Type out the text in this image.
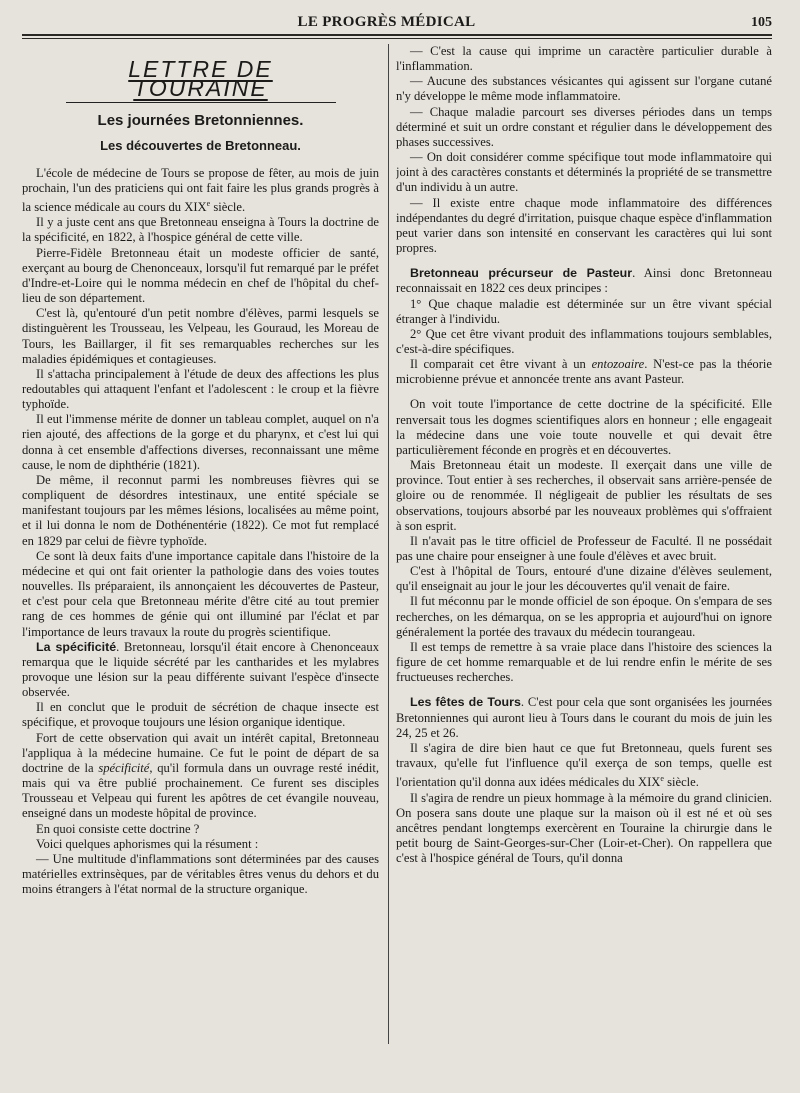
LE PROGRÈS MÉDICAL	105
LETTRE DE TOURAINE
Les journées Bretonniennes.
Les découvertes de Bretonneau.

L'école de médecine de Tours se propose de fêter, au mois de juin prochain, l'un des praticiens qui ont fait faire les plus grands progrès à la science médicale au cours du XIXe siècle.

Il y a juste cent ans que Bretonneau enseigna à Tours la doctrine de la spécificité, en 1822, à l'hospice général de cette ville.

Pierre-Fidèle Bretonneau était un modeste officier de santé, exerçant au bourg de Chenonceaux, lorsqu'il fut remarqué par le préfet d'Indre-et-Loire qui le nomma médecin en chef de l'hôpital du chef-lieu de son département.

C'est là, qu'entouré d'un petit nombre d'élèves, parmi lesquels se distinguèrent les Trousseau, les Velpeau, les Gouraud, les Moreau de Tours, les Baillarger, il fit ses remarquables recherches sur les maladies épidémiques et contagieuses.

Il s'attacha principalement à l'étude de deux des affections les plus redoutables qui attaquent l'enfant et l'adolescent : le croup et la fièvre typhoïde.

Il eut l'immense mérite de donner un tableau complet, auquel on n'a rien ajouté, des affections de la gorge et du pharynx, et c'est lui qui donna à cet ensemble d'affections diverses, reconnaissant une même cause, le nom de diphthérie (1821).

De même, il reconnut parmi les nombreuses fièvres qui se compliquent de désordres intestinaux, une entité spéciale se manifestant toujours par les mêmes lésions, localisées au même point, et il lui donna le nom de Dothénentérie (1822). Ce mot fut remplacé en 1829 par celui de fièvre typhoïde.

Ce sont là deux faits d'une importance capitale dans l'histoire de la médecine et qui ont fait orienter la pathologie dans des voies toutes nouvelles. Ils préparaient, ils annonçaient les découvertes de Pasteur, et c'est pour cela que Bretonneau mérite d'être cité au tout premier rang de ces hommes de génie qui ont illuminé par l'éclat et par l'importance de leurs travaux la route du progrès scientifique.

La spécificité. Bretonneau, lorsqu'il était encore à Chenonceaux remarqua que le liquide sécrété par les cantharides et les mylabres provoque une lésion sur la peau différente suivant l'espèce d'insecte observée.

Il en conclut que le produit de sécrétion de chaque insecte est spécifique, et provoque toujours une lésion organique identique.

Fort de cette observation qui avait un intérêt capital, Bretonneau l'appliqua à la médecine humaine. Ce fut le point de départ de sa doctrine de la spécificité, qu'il formula dans un ouvrage resté inédit, mais qui va être publié prochainement. Ce furent ses disciples Trousseau et Velpeau qui furent les apôtres de cet évangile nouveau, enseigné dans un modeste hôpital de province.

En quoi consiste cette doctrine ?

Voici quelques aphorismes qui la résument :

— Une multitude d'inflammations sont déterminées par des causes matérielles extrinsèques, par de véritables êtres venus du dehors et du moins étrangers à l'état normal de la structure organique.

— C'est la cause qui imprime un caractère particulier durable à l'inflammation.

— Aucune des substances vésicantes qui agissent sur l'organe cutané n'y développe le même mode inflammatoire.

— Chaque maladie parcourt ses diverses périodes dans un temps déterminé et suit un ordre constant et régulier dans le développement des phases successives.

— On doit considérer comme spécifique tout mode inflammatoire qui joint à des caractères constants et déterminés la propriété de se transmettre d'un individu à un autre.

— Il existe entre chaque mode inflammatoire des différences indépendantes du degré d'irritation, puisque chaque espèce d'inflammation peut varier dans son intensité en conservant les caractères qui lui sont propres.

Bretonneau précurseur de Pasteur. Ainsi donc Bretonneau reconnaissait en 1822 ces deux principes :

1° Que chaque maladie est déterminée sur un être vivant spécial étranger à l'individu.

2° Que cet être vivant produit des inflammations toujours semblables, c'est-à-dire spécifiques.

Il comparait cet être vivant à un entozoaire. N'est-ce pas la théorie microbienne prévue et annoncée trente ans avant Pasteur.

On voit toute l'importance de cette doctrine de la spécificité. Elle renversait tous les dogmes scientifiques alors en honneur ; elle engageait la médecine dans une voie toute nouvelle et qui devait être particulièrement féconde en progrès et en découvertes.

Mais Bretonneau était un modeste. Il exerçait dans une ville de province. Tout entier à ses recherches, il observait sans arrière-pensée de gloire ou de renommée. Il négligeait de publier les résultats de ses observations, toujours absorbé par les nouveaux problèmes qui s'offraient à son esprit.

Il n'avait pas le titre officiel de Professeur de Faculté. Il ne possédait pas une chaire pour enseigner à une foule d'élèves et avec bruit.

C'est à l'hôpital de Tours, entouré d'une dizaine d'élèves seulement, qu'il enseignait au jour le jour les découvertes qu'il venait de faire.

Il fut méconnu par le monde officiel de son époque. On s'empara de ses recherches, on les démarqua, on se les appropria et aujourd'hui on ignore généralement la portée des travaux du médecin tourangeau.

Il est temps de remettre à sa vraie place dans l'histoire des sciences la figure de cet homme remarquable et de lui rendre enfin le mérite de ses fructueuses recherches.

Les fêtes de Tours. C'est pour cela que sont organisées les journées Bretonniennes qui auront lieu à Tours dans le courant du mois de juin les 24, 25 et 26.

Il s'agira de dire bien haut ce que fut Bretonneau, quels furent ses travaux, qu'elle fut l'influence qu'il exerça de son temps, quelle est l'orientation qu'il donna aux idées médicales du XIXe siècle.

Il s'agira de rendre un pieux hommage à la mémoire du grand clinicien. On posera sans doute une plaque sur la maison où il est né et où ses ancêtres pendant longtemps exercèrent en Touraine la chirurgie dans le petit bourg de Saint-Georges-sur-Cher (Loir-et-Cher). On rappellera que c'est à l'hospice général de Tours, qu'il donna
